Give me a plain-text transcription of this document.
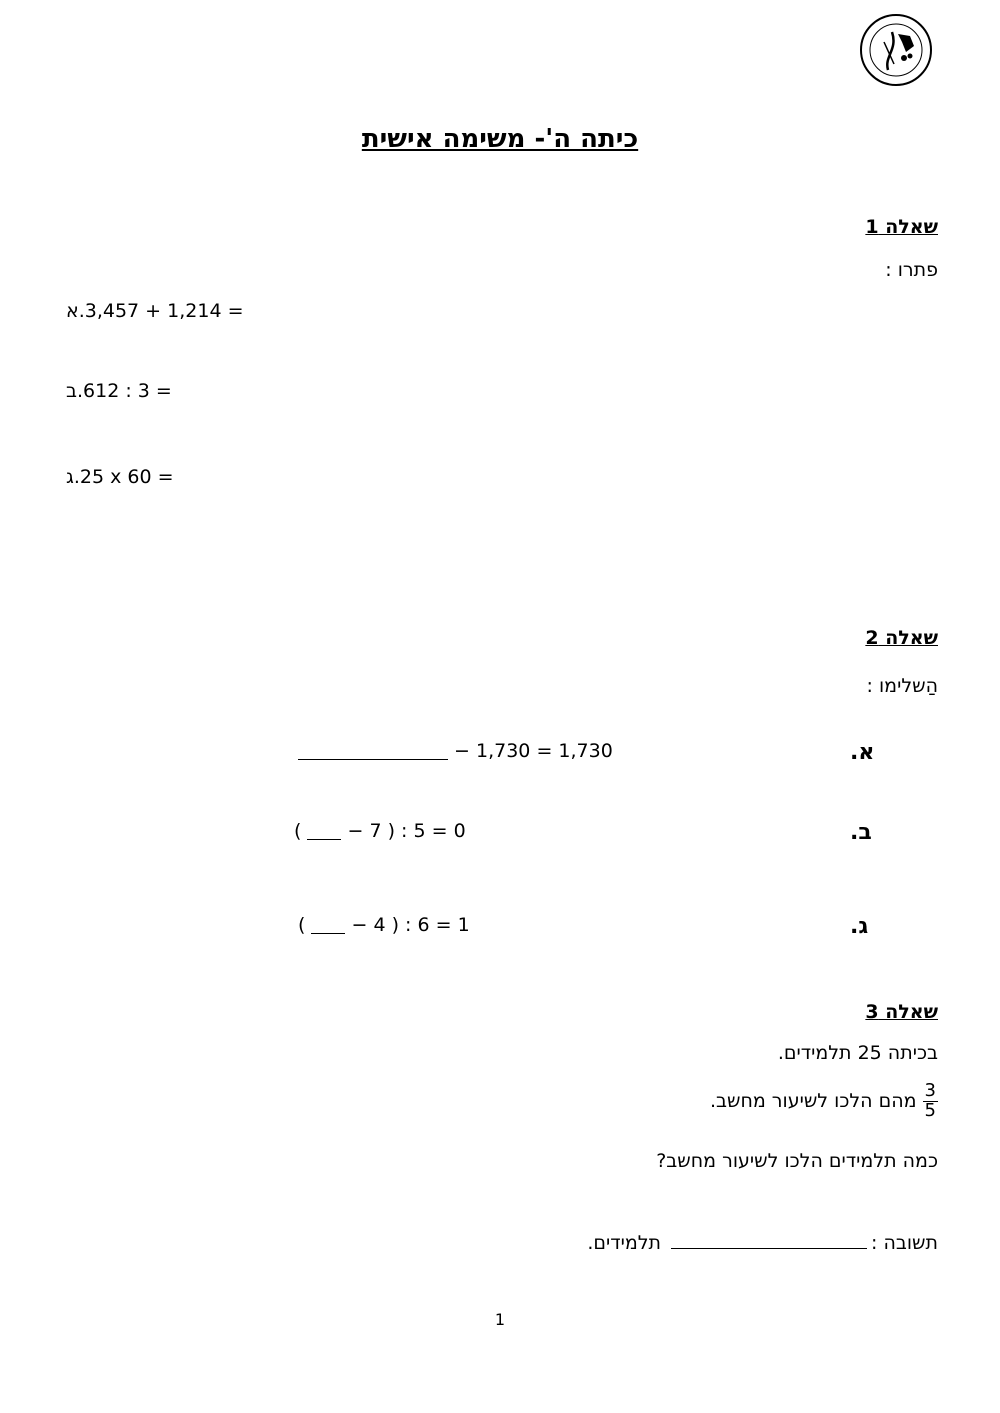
כיתה ה'- משימה אישית
שאלה 1
פתרו :
א.3,457 + 1,214 =
ב.612 : 3 =
ג.25 x 60 =
שאלה 2
הַשלימו :
א.
− 1,730 = 1,730
ב.
( − 7 ) : 5 = 0
ג.
( − 4 ) : 6 = 1
שאלה 3
בכיתה 25 תלמידים.
$\frac{3}{5}$
מהם הלכו לשיעור מחשב.
כמה תלמידים הלכו לשיעור מחשב?
תשובה :
תלמידים.
1
